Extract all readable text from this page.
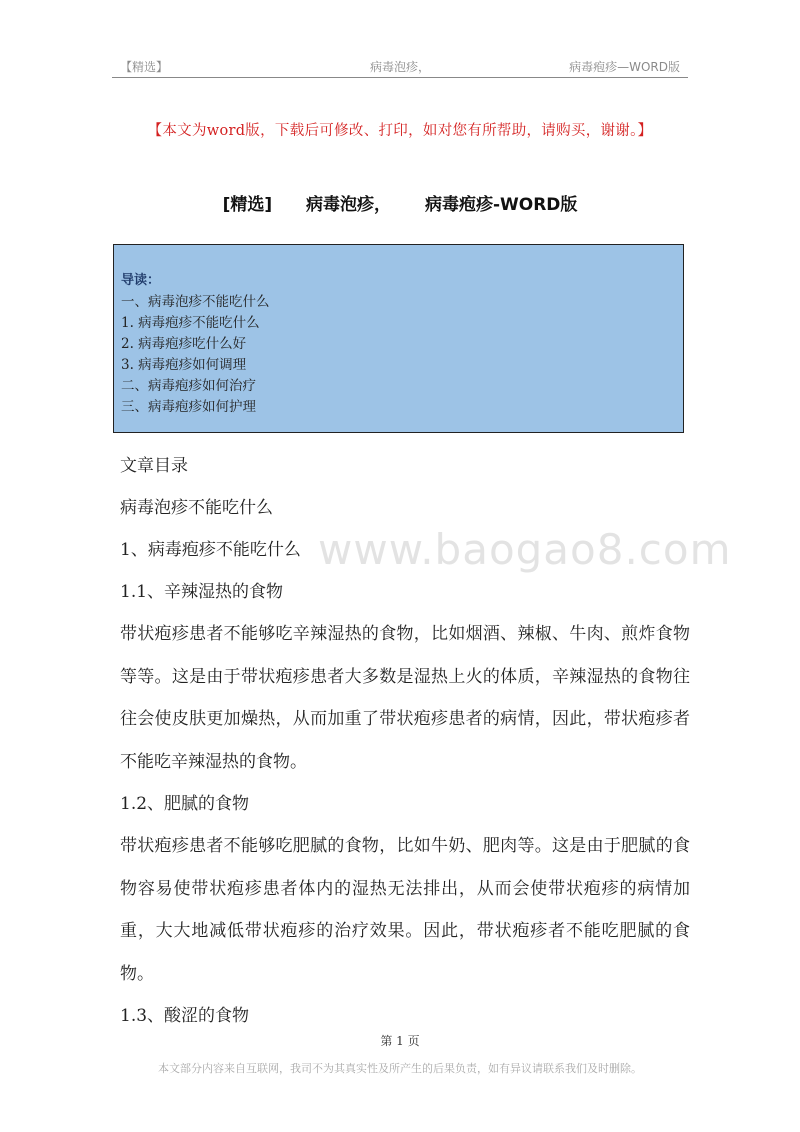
【精选】	病毒泡疹，	病毒疱疹—WORD版
【本文为word版，下载后可修改、打印，如对您有所帮助，请购买，谢谢。】
[精选] 病毒泡疹， 病毒疱疹-WORD版
导读：
一、病毒泡疹不能吃什么
1. 病毒疱疹不能吃什么
2. 病毒疱疹吃什么好
3. 病毒疱疹如何调理
二、病毒疱疹如何治疗
三、病毒疱疹如何护理

文章目录

病毒泡疹不能吃什么

1、病毒疱疹不能吃什么

1.1、辛辣湿热的食物

带状疱疹患者不能够吃辛辣湿热的食物，比如烟酒、辣椒、牛肉、煎炸食物等等。这是由于带状疱疹患者大多数是湿热上火的体质，辛辣湿热的食物往往会使皮肤更加燥热，从而加重了带状疱疹患者的病情，因此，带状疱疹者不能吃辛辣湿热的食物。

1.2、肥腻的食物

带状疱疹患者不能够吃肥腻的食物，比如牛奶、肥肉等。这是由于肥腻的食物容易使带状疱疹患者体内的湿热无法排出，从而会使带状疱疹的病情加重，大大地减低带状疱疹的治疗效果。因此，带状疱疹者不能吃肥腻的食物。

1.3、酸涩的食物

www.baogao8.com
第 1 页
本文部分内容来自互联网，我司不为其真实性及所产生的后果负责，如有异议请联系我们及时删除。
